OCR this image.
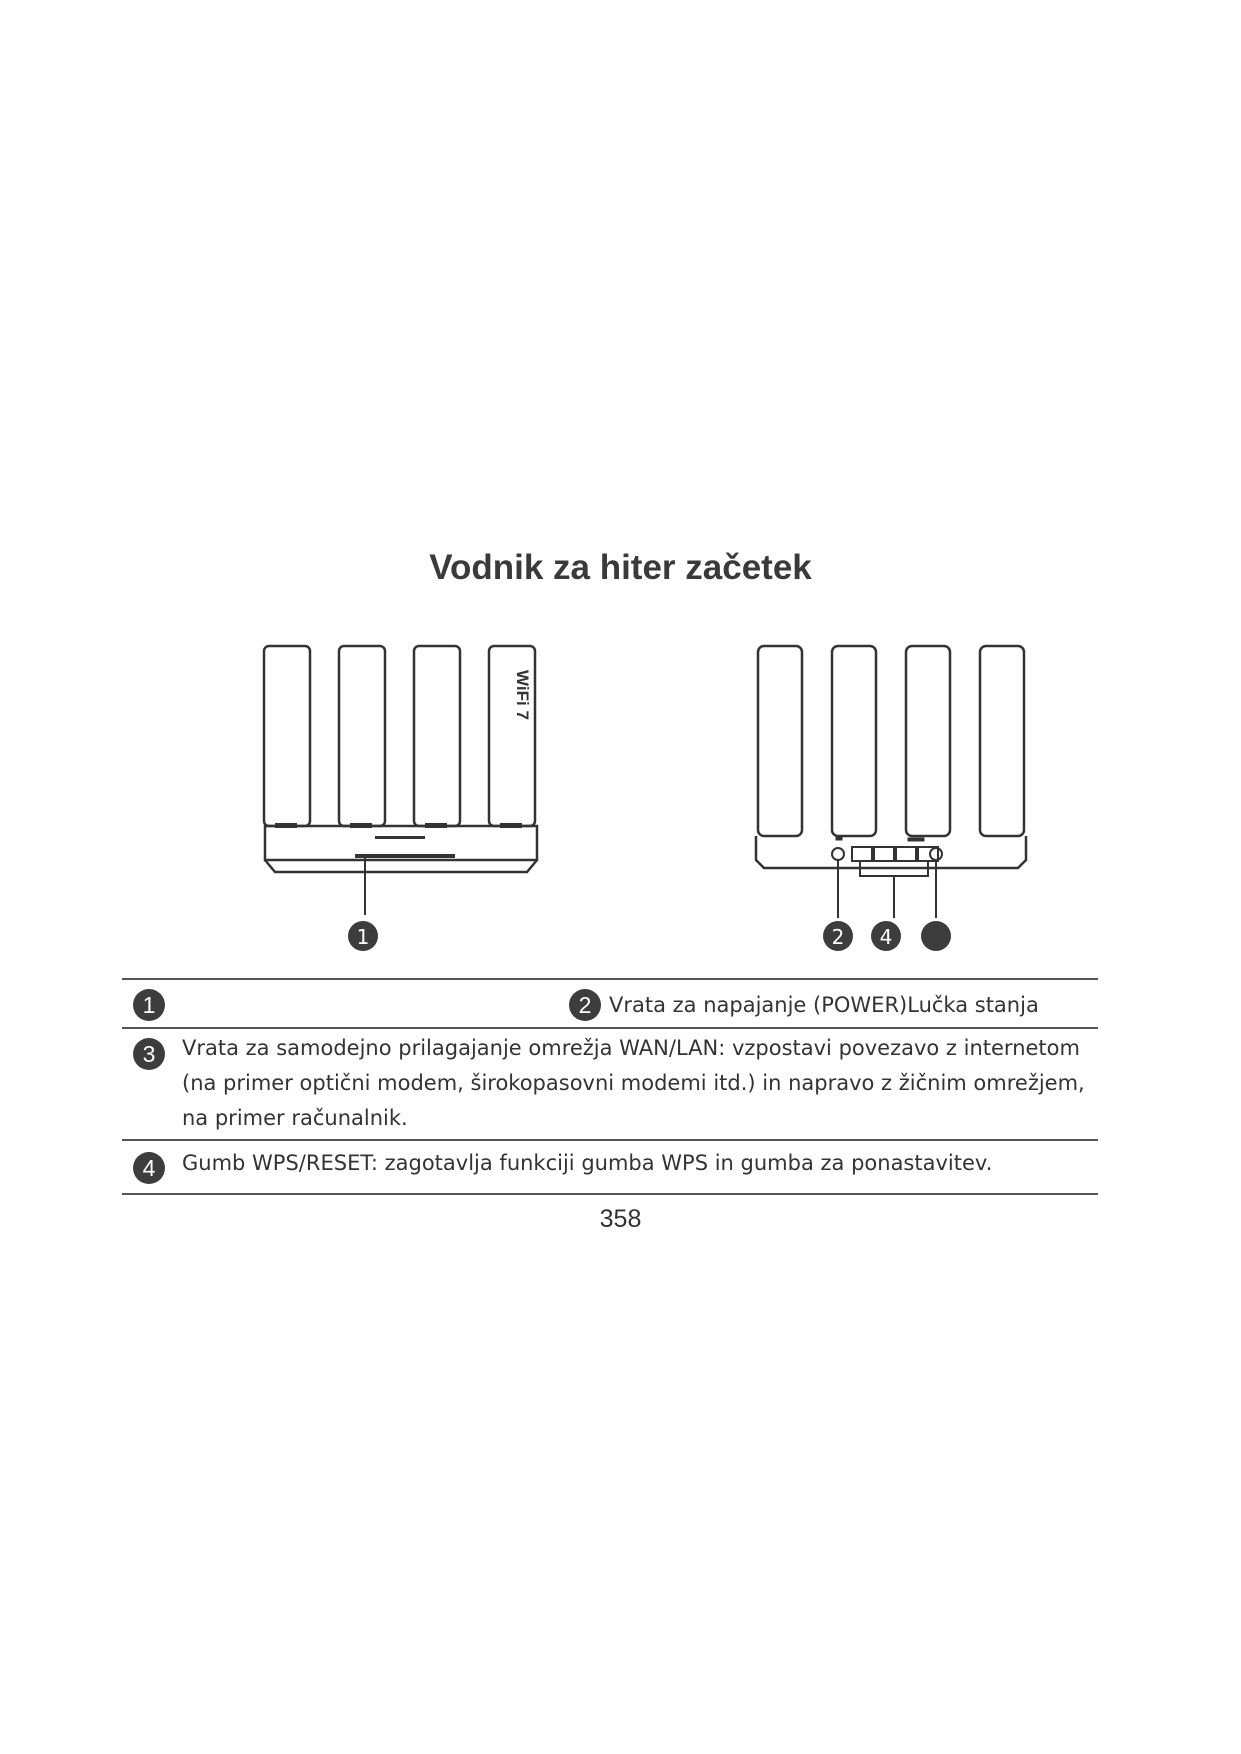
Vodnik za hiter začetek
WiFi 7
1	2 4
1	2 Vrata za napajanje (POWER)Lučka stanja
3	Vrata za samodejno prilagajanje omrežja WAN/LAN: vzpostavi povezavo z internetom (na primer optični modem, širokopasovni modemi itd.) in napravo z žičnim omrežjem, na primer računalnik.
4	Gumb WPS/RESET: zagotavlja funkciji gumba WPS in gumba za ponastavitev.
358
